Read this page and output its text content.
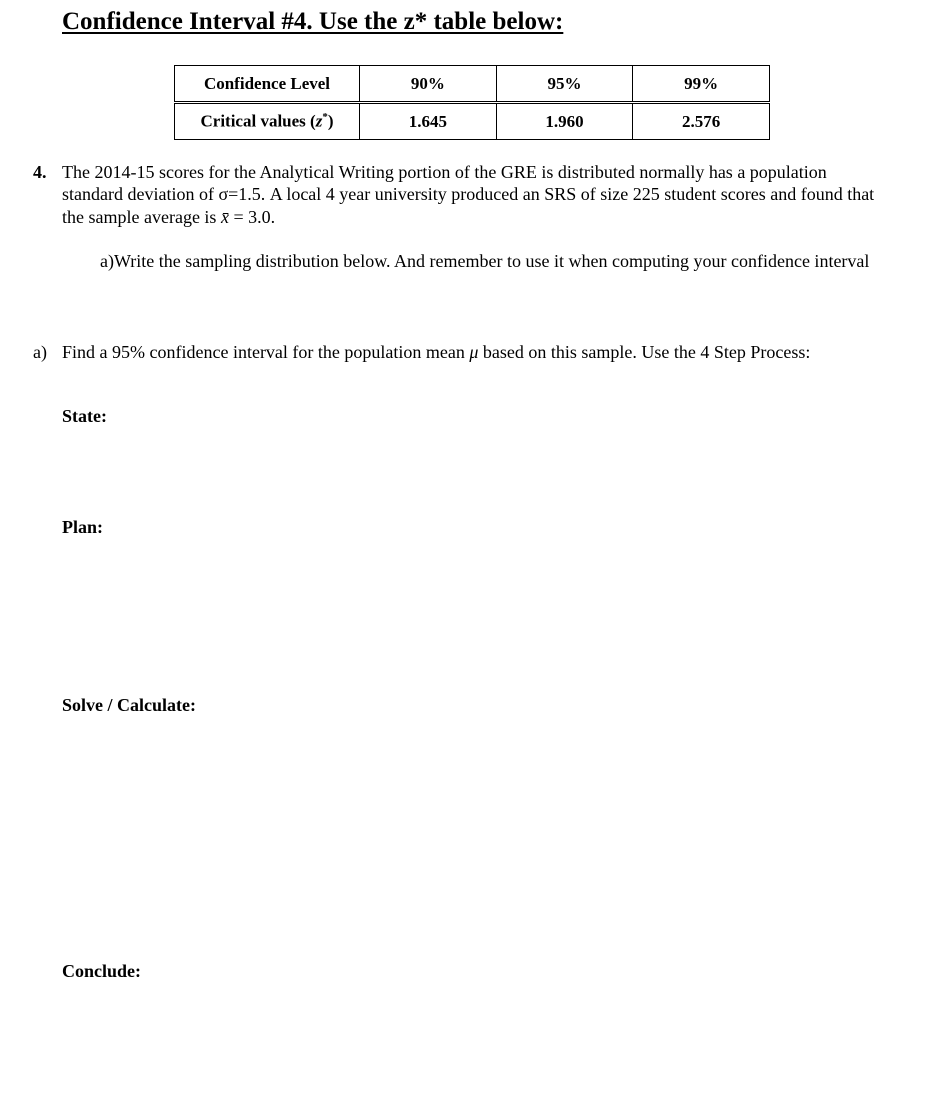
Confidence Interval #4. Use the z* table below:
Confidence Level	90%	95%	99%
Critical values (z*)	1.645	1.960	2.576
4. The 2014-15 scores for the Analytical Writing portion of the GRE is distributed normally has a population
standard deviation of σ=1.5. A local 4 year university produced an SRS of size 225 student scores and found that
the sample average is x̄ = 3.0.
a)Write the sampling distribution below. And remember to use it when computing your confidence interval
a) Find a 95% confidence interval for the population mean μ based on this sample. Use the 4 Step Process:
State:
Plan:
Solve / Calculate:
Conclude:
